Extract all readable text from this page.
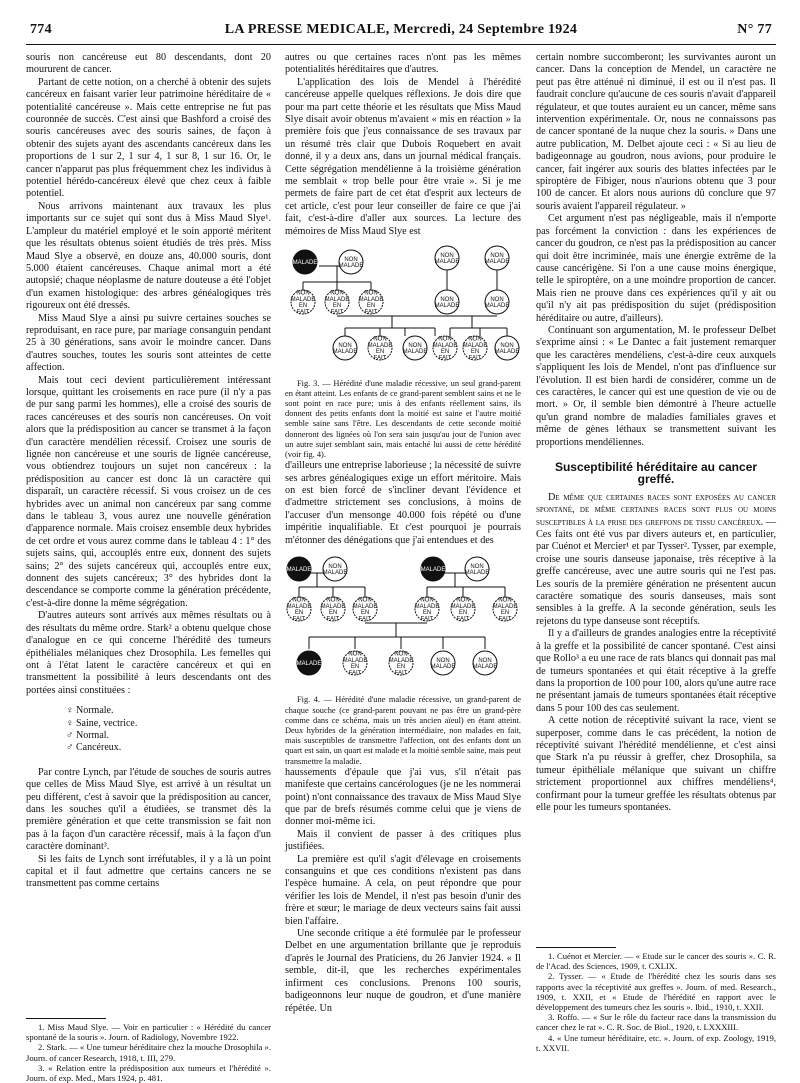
774	LA PRESSE MEDICALE, Mercredi, 24 Septembre 1924	N° 77

souris non cancéreuse eut 80 descendants, dont 20 moururent de cancer.

Partant de cette notion, on a cherché à obtenir des sujets cancéreux en faisant varier leur patrimoine héréditaire de « potentialité cancéreuse ». Mais cette entreprise ne fut pas couronnée de succès. C'est ainsi que Bashford a croisé des souris cancéreuses avec des souris saines, de façon à obtenir des sujets ayant des ascendants cancéreux dans les proportions de 1 sur 2, 1 sur 4, 1 sur 8, 1 sur 16. Or, le cancer n'apparut pas plus fréquemment chez les individus à potentiel hérédo-cancéreux élevé que chez ceux à faible potentiel.

Nous arrivons maintenant aux travaux les plus importants sur ce sujet qui sont dus à Miss Maud Slye¹. L'ampleur du matériel employé et le soin apporté méritent que les résultats obtenus soient étudiés de très près. Miss Maud Slye a observé, en douze ans, 40.000 souris, dont 5.000 étaient cancéreuses. Chaque animal mort a été autopsié; chaque néoplasme de nature douteuse a été l'objet d'un examen histologique: des arbres généalogiques très rigoureux ont été dressés.

Miss Maud Slye a ainsi pu suivre certaines souches se reproduisant, en race pure, par mariage consanguin pendant 25 à 30 générations, sans avoir le moindre cancer. Dans d'autres souches, toutes les souris sont atteintes de cette affection.

Mais tout ceci devient particulièrement intéressant lorsque, quittant les croisements en race pure (il n'y a pas de pur sang parmi les hommes), elle a croisé des souris de races cancéreuses et des souris non cancéreuses. On voit alors que la prédisposition au cancer se transmet à la façon d'un caractère mendélien récessif. Croisez une souris de lignée non cancéreuse et une souris de lignée cancéreuse, vous obtiendrez toujours un sujet non cancéreux : la prédisposition au cancer est donc là un caractère qui disparaît, un caractère récessif. Si vous croisez un de ces hybrides avec un animal non cancéreux par sang comme dans le tableau 3, vous aurez une nouvelle génération d'apparence normale. Mais croisez ensemble deux hybrides de cet ordre et vous aurez comme dans le tableau 4 : 1° des sujets sains, qui, accouplés entre eux, donnent des sujets sains; 2° des sujets cancéreux qui, accouplés entre eux, donnent des sujets cancéreux; 3° des hybrides dont la descendance se comporte comme la génération précédente, c'est-à-dire donne la même ségrégation.

D'autres auteurs sont arrivés aux mêmes résultats ou à des résultats du même ordre. Stark² a obtenu quelque chose d'analogue en ce qui concerne l'hérédité des tumeurs épithéliales mélaniques chez Drosophila. Les femelles qui ont à l'état latent le caractère cancéreux et qui en transmettent la possibilité à leurs descendants ont des portées ainsi constituées :

♀ Normale.
♀ Saine, vectrice.
♂ Normal.
♂ Cancéreux.

Par contre Lynch, par l'étude de souches de souris autres que celles de Miss Maud Slye, est arrivé à un résultat un peu différent, c'est à savoir que la prédisposition au cancer, dans les souches qu'il a étudiées, se transmet dès la première génération et que cette transmission se fait non pas à la façon d'un caractère récessif, mais à la façon d'un caractère dominant³.

Si les faits de Lynch sont irréfutables, il y a là un point capital et il faut admettre que certains cancers ne se transmettent pas comme certains

1. Miss Maud Slye. — Voir en particulier : « Hérédité du cancer spontané de la souris ». Journ. of Radiology, Novembre 1922.

2. Stark. — « Une tumeur héréditaire chez la mouche Drosophila ». Journ. of cancer Research, 1918, t. III, 279.

3. « Relation entre la prédisposition aux tumeurs et l'hérédité ». Journ. of exp. Med., Mars 1924, p. 481.

autres ou que certaines races n'ont pas les mêmes potentialités héréditaires que d'autres.

L'application des lois de Mendel à l'hérédité cancéreuse appelle quelques réflexions. Je dois dire que pour ma part cette théorie et les résultats que Miss Maud Slye disait avoir obtenus m'avaient « mis en réaction » la première fois que j'eus connaissance de ses travaux par un résumé très clair que Dubois Roquebert en avait donné, il y a deux ans, dans un journal médical français. Cette ségrégation mendélienne à la troisième génération me semblait « trop belle pour être vraie ». Si je me permets de faire part de cet état d'esprit aux lecteurs de cet article, c'est pour leur conseiller de faire ce que j'ai fait, c'est-à-dire d'aller aux sources. La lecture des mémoires de Miss Maud Slye est

MALADE
NON
MALADE
NON
MALADE
NON
MALADE
NON
MALADE
EN
FAIT
NON
MALADE
EN
FAIT
NON
MALADE
EN
FAIT
NON
MALADE
NON
MALADE
NON
MALADE
NON
MALADE
EN
FAIT
NON
MALADE
NON
MALADE
EN
FAIT
NON
MALADE
EN
FAIT
NON
MALADE

Fig. 3. — Hérédité d'une maladie récessive, un seul grand-parent en étant atteint. Les enfants de ce grand-parent semblent sains et ne le sont point en race pure; unis à des enfants réellement sains, ils donnent des petits enfants dont la moitié est saine et l'autre moitié semble saine sans l'être. Les descendants de cette seconde moitié donneront des lignées où l'on sera sain jusqu'au jour de l'union avec un autre sujet semblant sain, mais entaché lui aussi de cette hérédité (voir fig. 4).

d'ailleurs une entreprise laborieuse ; la nécessité de suivre ses arbres généalogiques exige un effort méritoire. Mais on est bien forcé de s'incliner devant l'évidence et d'admettre strictement ses conclusions, à moins de l'accuser d'un mensonge 40.000 fois répété ou d'une impéritie inqualifiable. Et c'est pourquoi je pourrais m'étonner des dénégations que j'ai entendues et des

MALADE
NON
MALADE
MALADE
NON
MALADE
NON
MALADE
EN
FAIT
NON
MALADE
EN
FAIT
NON
MALADE
EN
FAIT
NON
MALADE
EN
FAIT
NON
MALADE
EN
FAIT
NON
MALADE
EN
FAIT
MALADE
NON
MALADE
EN
FAIT
NON
MALADE
EN
FAIT
NON
MALADE
NON
MALADE

Fig. 4. — Hérédité d'une maladie récessive, un grand-parent de chaque souche (ce grand-parent pouvant ne pas être un grand-père comme dans ce schéma, mais un très ancien aïeul) en étant atteint. Deux hybrides de la génération intermédiaire, non malades en fait, mais susceptibles de transmettre l'affection, ont des enfants dont un quart est sain, un quart est malade et la moitié semble saine, mais peut transmettre la maladie.

haussements d'épaule que j'ai vus, s'il n'était pas manifeste que certains cancérologues (je ne les nommerai point) n'ont connaissance des travaux de Miss Maud Slye que par de brefs résumés comme celui que je viens de donner moi-même ici.

Mais il convient de passer à des critiques plus justifiées.

La première est qu'il s'agit d'élevage en croisements consanguins et que ces conditions n'existent pas dans l'espèce humaine. A cela, on peut répondre que pour vérifier les lois de Mendel, il n'est pas besoin d'unir des frère et sœur; le mariage de deux vecteurs sains fait aussi bien l'affaire.

Une seconde critique a été formulée par le professeur Delbet en une argumentation brillante que je reproduis d'après le Journal des Praticiens, du 26 Janvier 1924. « Il semble, dit-il, que les recherches expérimentales infirment ces conclusions. Prenons 100 souris, badigeonnons leur nuque de goudron, et d'une manière répétée. Un

certain nombre succomberont; les survivantes auront un cancer. Dans la conception de Mendel, un caractère ne peut pas être atténué ni diminué, il est ou il n'est pas. Il faudrait conclure qu'aucune de ces souris n'avait d'appareil régulateur, et que toutes auraient eu un cancer, même sans intervention expérimentale. Or, nous ne connaissons pas de cancer spontané de la nuque chez la souris. » Dans une autre publication, M. Delbet ajoute ceci : « Si au lieu de badigeonnage au goudron, nous avions, pour produire le cancer, fait ingérer aux souris des blattes infectées par le spiroptère de Fibiger, nous n'aurions obtenu que 3 pour 100 de cancer. Et alors nous aurions dû conclure que 97 souris avaient l'appareil régulateur. »

Cet argument n'est pas négligeable, mais il n'emporte pas forcément la conviction : dans les expériences de cancer du goudron, ce n'est pas la prédisposition au cancer qui doit être incriminée, mais une énergie extrême de la cause cancérigène. Si l'on a une cause moins énergique, telle le spiroptère, on a une moindre proportion de cancer. Mais rien ne prouve dans ces expériences qu'il y ait ou qu'il n'y ait pas prédisposition du sujet (prédisposition héréditaire ou autre, d'ailleurs).

Continuant son argumentation, M. le professeur Delbet s'exprime ainsi : « Le Dantec a fait justement remarquer que les caractères mendéliens, c'est-à-dire ceux auxquels s'appliquent les lois de Mendel, n'ont pas d'influence sur l'évolution. Il est bien hardi de considérer, comme un de ces caractères, le cancer qui est une question de vie ou de mort. » Or, il semble bien démontré à l'heure actuelle qu'un grand nombre de maladies familiales graves et même de gènes léthaux se transmettent suivant les proportions mendéliennes.

Susceptibilité héréditaire au cancer greffé.

De même que certaines races sont exposées au cancer spontané, de même certaines races sont plus ou moins susceptibles à la prise des greffons de tissu cancéreux. — Ces faits ont été vus par divers auteurs et, en particulier, par Cuénot et Mercier¹ et par Tysser². Tysser, par exemple, croise une souris danseuse japonaise, très réceptive à la greffe cancéreuse, avec une autre souris qui ne l'est pas. Les souris de la première génération ne présentent aucun caractère somatique des souris danseuses, mais sont sensibles à la greffe. A la seconde génération, seuls les rejetons du type danseuse sont réceptifs.

Il y a d'ailleurs de grandes analogies entre la réceptivité à la greffe et la possibilité de cancer spontané. C'est ainsi que Rollo³ a eu une race de rats blancs qui donnait pas mal de tumeurs spontanées et qui était réceptive à la greffe dans la proportion de 100 pour 100, alors qu'une autre race ne présentant jamais de tumeurs spontanées était réceptive dans 5 pour 100 des cas seulement.

A cette notion de réceptivité suivant la race, vient se superposer, comme dans le cas précédent, la notion de réceptivité suivant l'hérédité mendélienne, et c'est ainsi que Stark n'a pu réussir à greffer, chez Drosophila, sa tumeur épithéliale mélanique que suivant un chiffre strictement proportionnel aux chiffres mendéliens⁴, confirmant pour la tumeur greffée les résultats obtenus par elle pour les tumeurs spontanées.

1. Cuénot et Mercier. — « Etude sur le cancer des souris ». C. R. de l'Acad. des Sciences, 1909, t. CXLIX.

2. Tysser. — « Etude de l'hérédité chez les souris dans ses rapports avec la réceptivité aux greffes ». Journ. of med. Research., 1909, t. XXII, et « Etude de l'hérédité en rapport avec le développement des tumeurs chez les souris ». Ibid., 1910, t. XXII.

3. Roffo. — « Sur le rôle du facteur race dans la transmission du cancer chez le rat ». C. R. Soc. de Biol., 1920, t. LXXXIII.

4. « Une tumeur héréditaire, etc. ». Journ. of exp. Zoology, 1919, t. XXVII.
